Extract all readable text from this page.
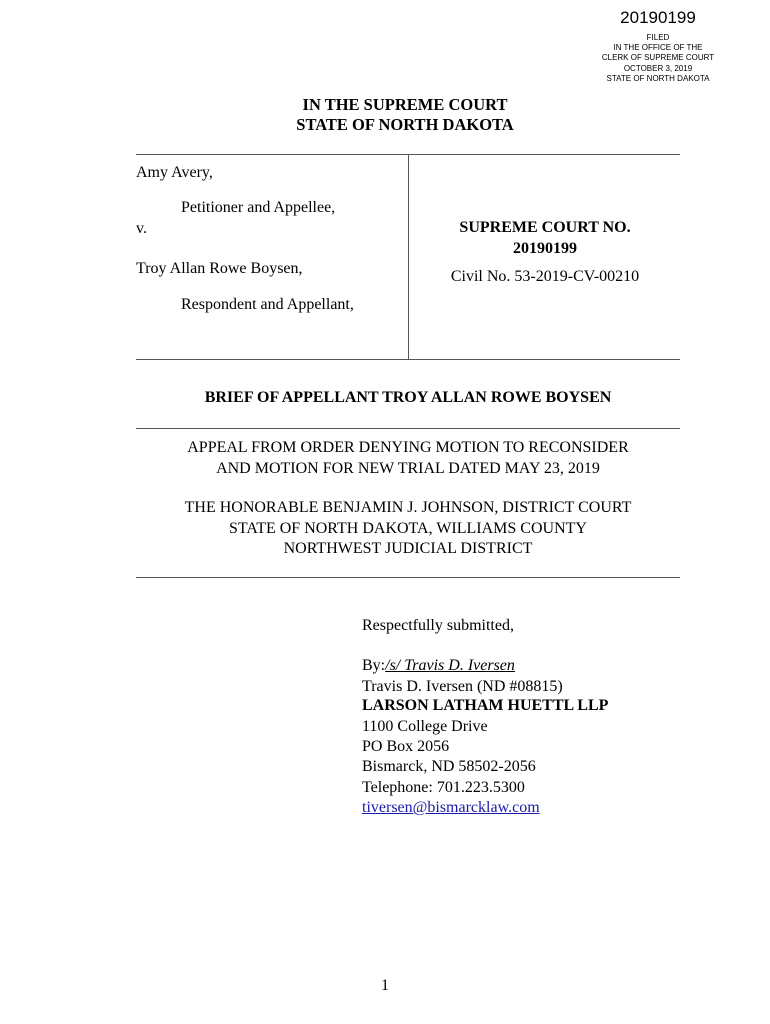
20190199
FILED
IN THE OFFICE OF THE
CLERK OF SUPREME COURT
OCTOBER 3, 2019
STATE OF NORTH DAKOTA
IN THE SUPREME COURT
STATE OF NORTH DAKOTA
Amy Avery,
Petitioner and Appellee,
v.
Troy Allan Rowe Boysen,
Respondent and Appellant,
SUPREME COURT NO.
20190199
Civil No. 53-2019-CV-00210
BRIEF OF APPELLANT TROY ALLAN ROWE BOYSEN
APPEAL FROM ORDER DENYING MOTION TO RECONSIDER
AND MOTION FOR NEW TRIAL DATED MAY 23, 2019
THE HONORABLE BENJAMIN J. JOHNSON, DISTRICT COURT
STATE OF NORTH DAKOTA, WILLIAMS COUNTY
NORTHWEST JUDICIAL DISTRICT
Respectfully submitted,
By:/s/ Travis D. Iversen
Travis D. Iversen (ND #08815)
LARSON LATHAM HUETTL LLP
1100 College Drive
PO Box 2056
Bismarck, ND 58502-2056
Telephone: 701.223.5300
tiversen@bismarcklaw.com
1
